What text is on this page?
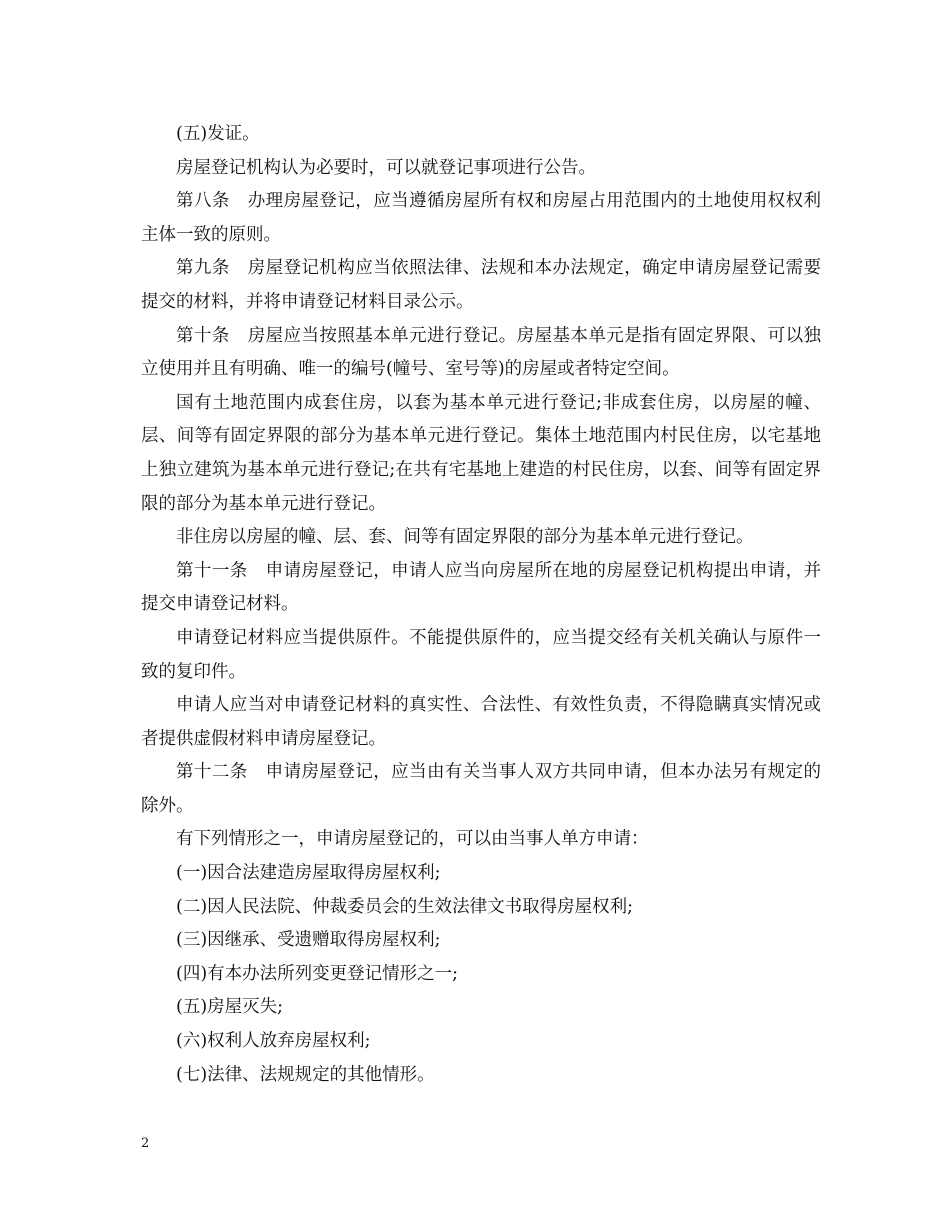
(五)发证。

房屋登记机构认为必要时，可以就登记事项进行公告。

第八条　办理房屋登记，应当遵循房屋所有权和房屋占用范围内的土地使用权权利主体一致的原则。

第九条　房屋登记机构应当依照法律、法规和本办法规定，确定申请房屋登记需要提交的材料，并将申请登记材料目录公示。

第十条　房屋应当按照基本单元进行登记。房屋基本单元是指有固定界限、可以独立使用并且有明确、唯一的编号(幢号、室号等)的房屋或者特定空间。

国有土地范围内成套住房，以套为基本单元进行登记;非成套住房，以房屋的幢、层、间等有固定界限的部分为基本单元进行登记。集体土地范围内村民住房，以宅基地上独立建筑为基本单元进行登记;在共有宅基地上建造的村民住房，以套、间等有固定界限的部分为基本单元进行登记。

非住房以房屋的幢、层、套、间等有固定界限的部分为基本单元进行登记。

第十一条　申请房屋登记，申请人应当向房屋所在地的房屋登记机构提出申请，并提交申请登记材料。

申请登记材料应当提供原件。不能提供原件的，应当提交经有关机关确认与原件一致的复印件。

申请人应当对申请登记材料的真实性、合法性、有效性负责，不得隐瞒真实情况或者提供虚假材料申请房屋登记。

第十二条　申请房屋登记，应当由有关当事人双方共同申请，但本办法另有规定的除外。

有下列情形之一，申请房屋登记的，可以由当事人单方申请：

(一)因合法建造房屋取得房屋权利;

(二)因人民法院、仲裁委员会的生效法律文书取得房屋权利;

(三)因继承、受遗赠取得房屋权利;

(四)有本办法所列变更登记情形之一;

(五)房屋灭失;

(六)权利人放弃房屋权利;

(七)法律、法规规定的其他情形。

2
